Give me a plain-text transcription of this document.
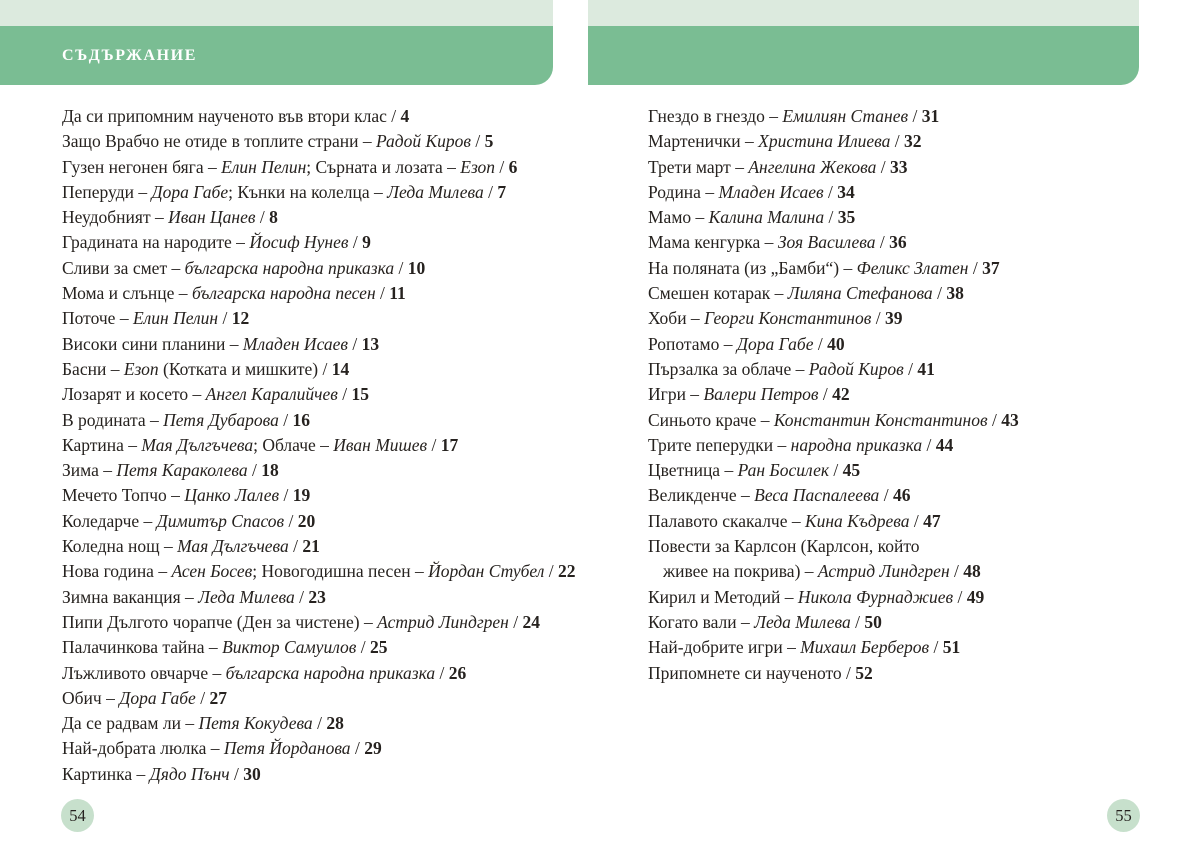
СЪДЪРЖАНИЕ
Да си припомним наученото във втори клас / 4
Защо Врабчо не отиде в топлите страни – Радой Киров / 5
Гузен негонен бяга – Елин Пелин; Сърната и лозата – Езоп / 6
Пеперуди – Дора Габе; Кънки на колелца – Леда Милева / 7
Неудобният – Иван Цанев / 8
Градината на народите – Йосиф Нунев / 9
Сливи за смет – българска народна приказка / 10
Мома и слънце – българска народна песен / 11
Поточе – Елин Пелин / 12
Високи сини планини – Младен Исаев / 13
Басни – Езоп (Котката и мишките) / 14
Лозарят и косето – Ангел Каралийчев / 15
В родината – Петя Дубарова / 16
Картина – Мая Дългъчева; Облаче – Иван Мишев / 17
Зима – Петя Караколева / 18
Мечето Топчо – Цанко Лалев / 19
Коледарче – Димитър Спасов / 20
Коледна нощ – Мая Дългъчева / 21
Нова година – Асен Босев; Новогодишна песен – Йордан Стубел / 22
Зимна ваканция – Леда Милева / 23
Пипи Дългото чорапче (Ден за чистене) – Астрид Линдгрен / 24
Палачинкова тайна – Виктор Самуилов / 25
Лъжливото овчарче – българска народна приказка / 26
Обич – Дора Габе / 27
Да се радвам ли – Петя Кокудева / 28
Най-добрата люлка – Петя Йорданова / 29
Картинка – Дядо Пънч / 30
Гнездо в гнездо – Емилиян Станев / 31
Мартенички – Христина Илиева / 32
Трети март – Ангелина Жекова / 33
Родина – Младен Исаев / 34
Мамо – Калина Малина / 35
Мама кенгурка – Зоя Василева / 36
На поляната (из „Бамби“) – Феликс Златен / 37
Смешен котарак – Лиляна Стефанова / 38
Хоби – Георги Константинов / 39
Ропотамо – Дора Габе / 40
Пързалка за облаче – Радой Киров / 41
Игри – Валери Петров / 42
Синьото краче – Константин Константинов / 43
Трите пеперудки – народна приказка / 44
Цветница – Ран Босилек / 45
Великденче – Веса Паспалеева / 46
Палавото скакалче – Кина Къдрева / 47
Повести за Карлсон (Карлсон, който
живее на покрива) – Астрид Линдгрен / 48
Кирил и Методий – Никола Фурнаджиев / 49
Когато вали – Леда Милева / 50
Най-добрите игри – Михаил Берберов / 51
Припомнете си наученото / 52
54	55
